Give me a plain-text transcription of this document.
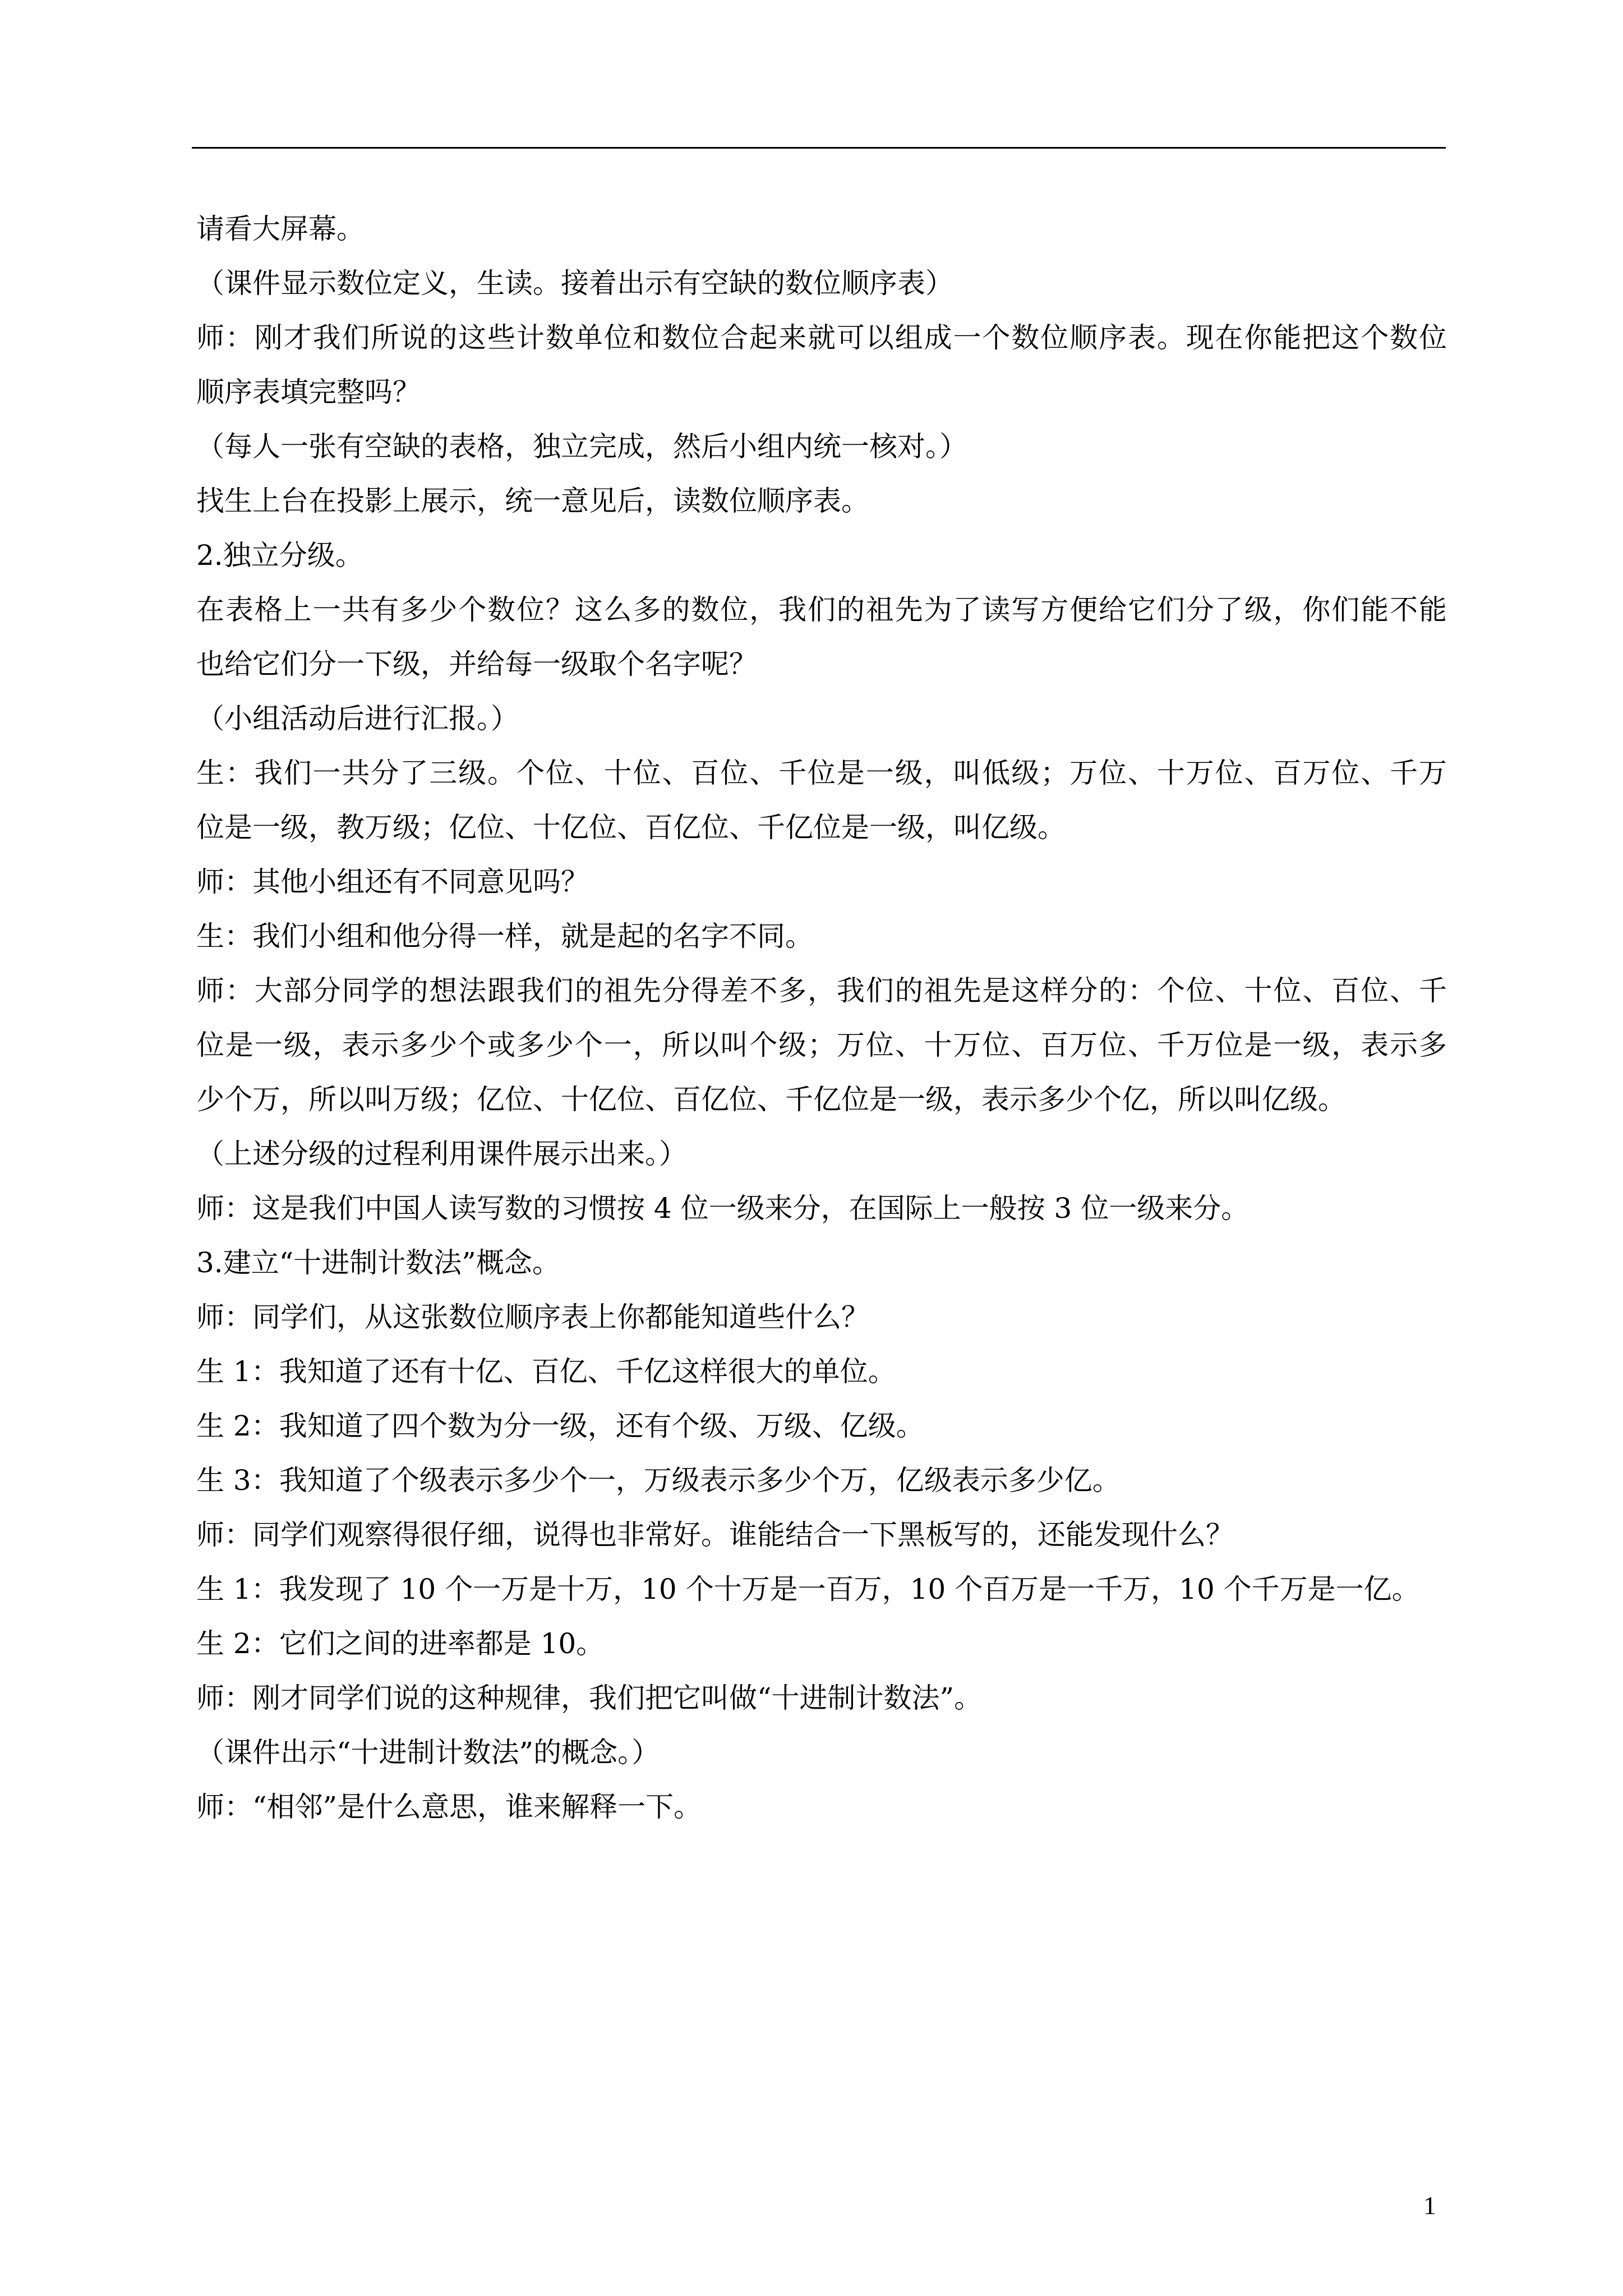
请看大屏幕。
（课件显示数位定义，生读。接着出示有空缺的数位顺序表）
师：刚才我们所说的这些计数单位和数位合起来就可以组成一个数位顺序表。现在你能把这个数位
顺序表填完整吗？
（每人一张有空缺的表格，独立完成，然后小组内统一核对。）
找生上台在投影上展示，统一意见后，读数位顺序表。
2.独立分级。
在表格上一共有多少个数位？这么多的数位，我们的祖先为了读写方便给它们分了级，你们能不能
也给它们分一下级，并给每一级取个名字呢？
（小组活动后进行汇报。）
生：我们一共分了三级。个位、十位、百位、千位是一级，叫低级；万位、十万位、百万位、千万
位是一级，教万级；亿位、十亿位、百亿位、千亿位是一级，叫亿级。
师：其他小组还有不同意见吗？
生：我们小组和他分得一样，就是起的名字不同。
师：大部分同学的想法跟我们的祖先分得差不多，我们的祖先是这样分的：个位、十位、百位、千
位是一级，表示多少个或多少个一，所以叫个级；万位、十万位、百万位、千万位是一级，表示多
少个万，所以叫万级；亿位、十亿位、百亿位、千亿位是一级，表示多少个亿，所以叫亿级。
（上述分级的过程利用课件展示出来。）
师：这是我们中国人读写数的习惯按 4 位一级来分，在国际上一般按 3 位一级来分。
3.建立“十进制计数法”概念。
师：同学们，从这张数位顺序表上你都能知道些什么？
生 1：我知道了还有十亿、百亿、千亿这样很大的单位。
生 2：我知道了四个数为分一级，还有个级、万级、亿级。
生 3：我知道了个级表示多少个一，万级表示多少个万，亿级表示多少亿。
师：同学们观察得很仔细，说得也非常好。谁能结合一下黑板写的，还能发现什么？
生 1：我发现了 10 个一万是十万，10 个十万是一百万，10 个百万是一千万，10 个千万是一亿。
生 2：它们之间的进率都是 10。
师：刚才同学们说的这种规律，我们把它叫做“十进制计数法”。
（课件出示“十进制计数法”的概念。）
师：“相邻”是什么意思，谁来解释一下。
1
